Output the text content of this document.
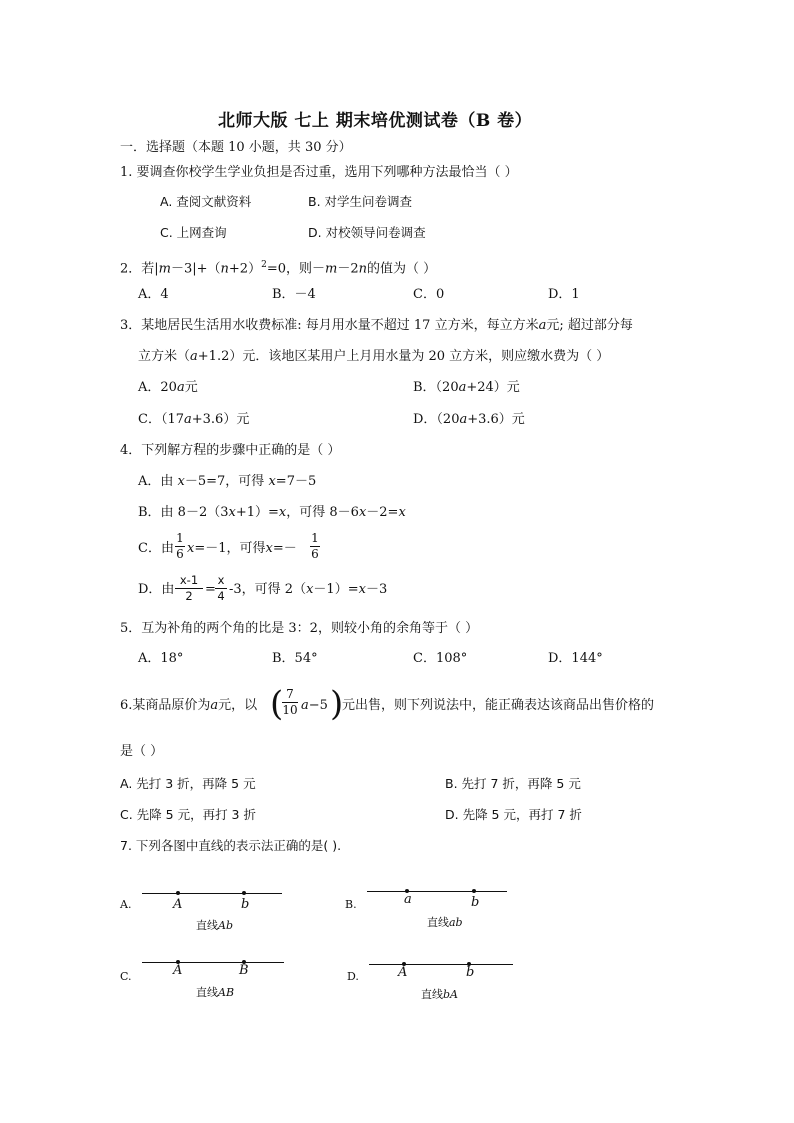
北师大版 七上 期末培优测试卷（B 卷）
一．选择题（本题 10 小题，共 30 分）
1. 要调查你校学生学业负担是否过重，选用下列哪种方法最恰当（ ）
A. 查阅文献资料	B. 对学生问卷调查
C. 上网查询	D. 对校领导问卷调查
2．若$|m-3|+(n+2)^2=0$，则－m－2n的值为（ ）
A．4	B．－4	C．0	D．1
3．某地居民生活用水收费标准: 每月用水量不超过 17 立方米，每立方米a元; 超过部分每
立方米（a+1.2）元．该地区某用户上月用水量为 20 立方米，则应缴水费为（ ）
A．20a元	B．（20a+24）元
C．（17a+3.6）元	D．（20a+3.6）元
4．下列解方程的步骤中正确的是（ ）
A．由 x－5=7，可得 x=7－5
B．由 8－2（3x+1）=x，可得 8－6x－2=x
C．由
1
6 x=－1，可得x=－
1
6
D．由
x-1
2 =
x
4 -3，可得 2（x－1）=x－3
5．互为补角的两个角的比是 3：2，则较小角的余角等于（ ）
A．18°	B．54°	C．108°	D．144°
6.某商品原价为a元，以 ( 7
10 a−5 )
元出售，则下列说法中，能正确表达该商品出售价格的
是（ ）
A. 先打 3 折，再降 5 元	B. 先打 7 折，再降 5 元
C. 先降 5 元，再打 3 折	D. 先降 5 元，再打 7 折
7. 下列各图中直线的表示法正确的是( ).
A.	A	b
直线Ab
B.	a	b
直线ab
C.	A	B
直线AB
D.	A	b
直线bA
